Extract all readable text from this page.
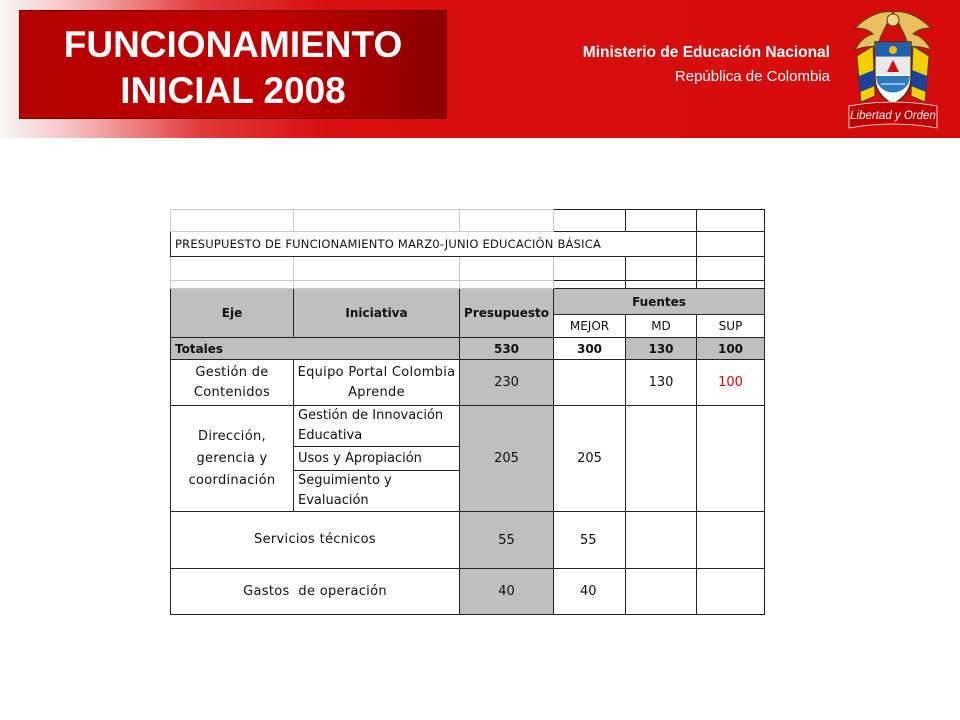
FUNCIONAMIENTO
INICIAL 2008
Ministerio de Educación Nacional
República de Colombia
Libertad y Orden

PRESUPUESTO DE FUNCIONAMIENTO MARZ0-JUNIO EDUCACIÓN BÁSICA					

Eje	Iniciativa	Presupuesto	Fuentes		
			MEJOR	MD	SUP
Totales		530	300	130	100
Gestión de Contenidos	Equipo Portal Colombia Aprende	230		130	100
Dirección, gerencia y coordinación	Gestión de Innovación Educativa	205	205		
	Usos y Apropiación				
	Seguimiento y Evaluación				
Servicios técnicos		55	55		
Gastos  de operación		40	40		
